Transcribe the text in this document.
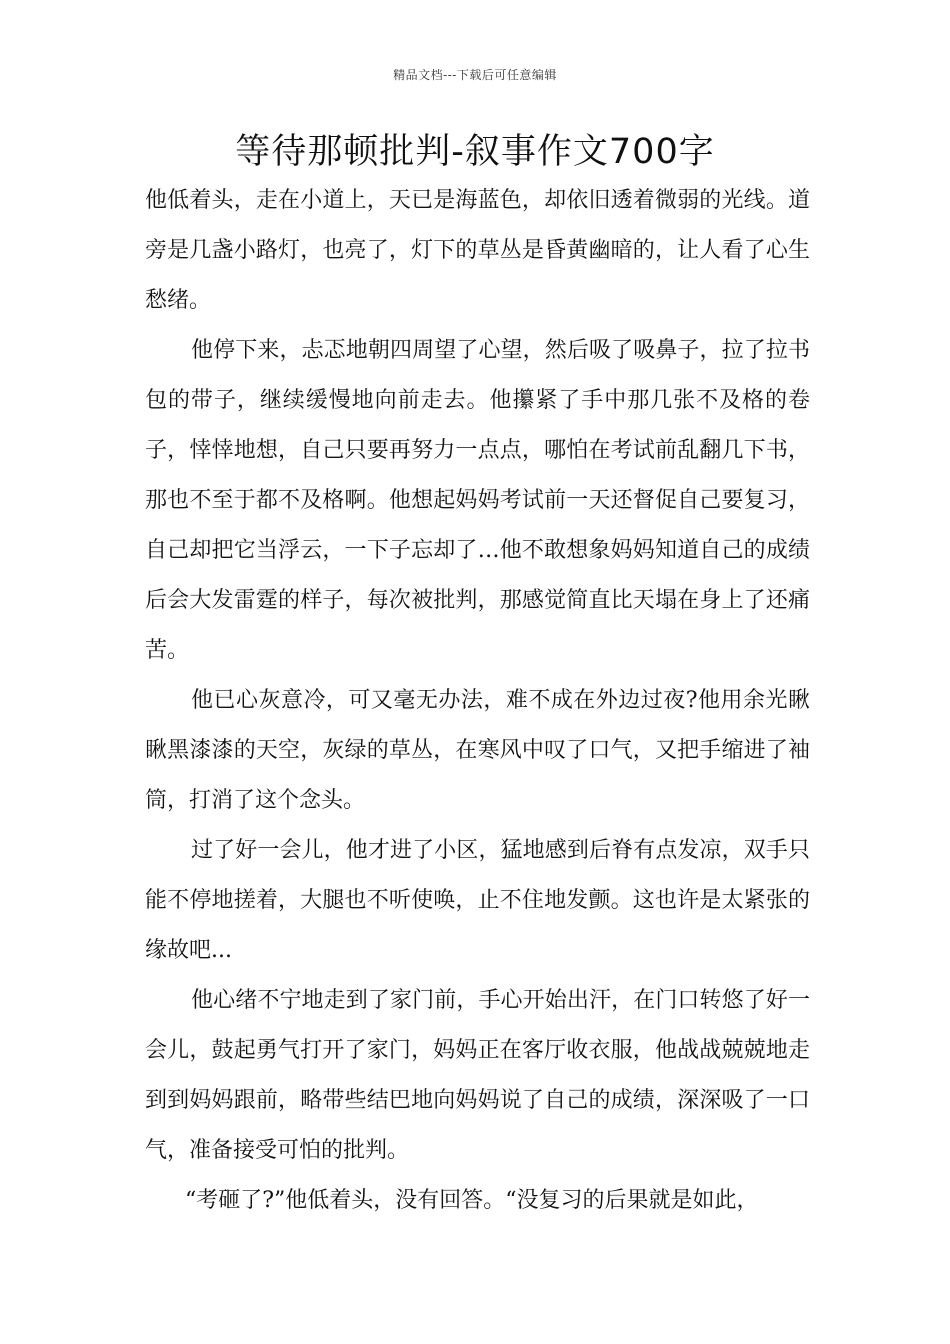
精品文档---下载后可任意编辑
等待那顿批判-叙事作文700字

他低着头，走在小道上，天已是海蓝色，却依旧透着微弱的光线。道旁是几盏小路灯，也亮了，灯下的草丛是昏黄幽暗的，让人看了心生愁绪。

他停下来，忐忑地朝四周望了心望，然后吸了吸鼻子，拉了拉书包的带子，继续缓慢地向前走去。他攥紧了手中那几张不及格的卷子，悻悻地想，自己只要再努力一点点，哪怕在考试前乱翻几下书，那也不至于都不及格啊。他想起妈妈考试前一天还督促自己要复习，自己却把它当浮云，一下子忘却了…他不敢想象妈妈知道自己的成绩后会大发雷霆的样子，每次被批判，那感觉简直比天塌在身上了还痛苦。

他已心灰意冷，可又毫无办法，难不成在外边过夜?他用余光瞅瞅黑漆漆的天空，灰绿的草丛，在寒风中叹了口气，又把手缩进了袖筒，打消了这个念头。

过了好一会儿，他才进了小区，猛地感到后脊有点发凉，双手只能不停地搓着，大腿也不听使唤，止不住地发颤。这也许是太紧张的缘故吧...

他心绪不宁地走到了家门前，手心开始出汗，在门口转悠了好一会儿，鼓起勇气打开了家门，妈妈正在客厅收衣服，他战战兢兢地走到到妈妈跟前，略带些结巴地向妈妈说了自己的成绩，深深吸了一口气，准备接受可怕的批判。

“考砸了?”他低着头，没有回答。“没复习的后果就是如此，
